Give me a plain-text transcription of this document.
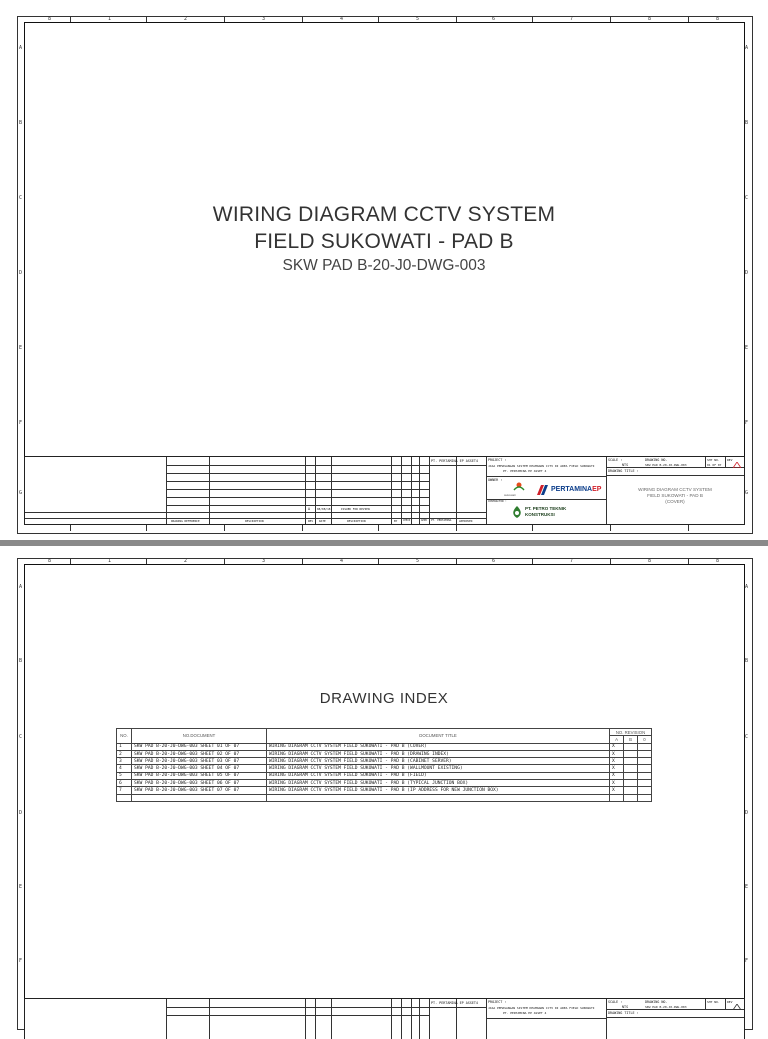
8	1	2	3	4	5	6	7	8	8
A
B
C
D
E
F
G
A
B
C
D
E
F
G
WIRING DIAGRAM CCTV SYSTEM
FIELD SUKOWATI - PAD B
SKW PAD B-20-J0-DWG-003
PT. PERTAMINA EP ASSET4	PROJECT :
JASA PEMASANGAN SISTEM KEAMANAN CCTV DI AREA FIELD SUKOWATI
PT. PERTAMINA EP ASSET 4
OWNER :
CONTRACTOR :
sukowati
PERTAMINAEP
PT. PETRO TEKNIK
KONSTRUKSI
SCALE :
NTS
DRAWING NO.
SKW PAD B-20-J0-DWG-003
SHT NO.
01 OF 07
REV
DRAWING TITLE :
WIRING DIAGRAM CCTV SYSTEM
FIELD SUKOWATI - PAD B
(COVER)
A 08/08/18	ISSUED FOR REVIEW
DRAWING REFERENCE	DESCRIPTION	REV DATE	DESCRIPTION	BY CHECK	APPR PT. PERTAMINA	APPROVED
8	1	2	3	4	5	6	7	8	8
A
B
C
D
E
F
A
B
C
D
E
F
DRAWING INDEX
NO.	NO.DOCUMENT	DOCUMENT TITLE	NO. REVISION		
			A	B	0
1	SKW PAD B-20-J0-DWG-003 SHEET 01 OF 07	WIRING DIAGRAM CCTV SYSTEM FIELD SUKOWATI - PAD B (COVER)	X		
2	SKW PAD B-20-J0-DWG-003 SHEET 02 OF 07	WIRING DIAGRAM CCTV SYSTEM FIELD SUKOWATI - PAD B (DRAWING INDEX)	X		
3	SKW PAD B-20-J0-DWG-003 SHEET 03 OF 07	WIRING DIAGRAM CCTV SYSTEM FIELD SUKOWATI - PAD B (CABINET SERVER)	X		
4	SKW PAD B-20-J0-DWG-003 SHEET 04 OF 07	WIRING DIAGRAM CCTV SYSTEM FIELD SUKOWATI - PAD B (WALLMOUNT EXISTING)	X		
5	SKW PAD B-20-J0-DWG-003 SHEET 05 OF 07	WIRING DIAGRAM CCTV SYSTEM FIELD SUKOWATI - PAD B (FIELD)	X		
6	SKW PAD B-20-J0-DWG-003 SHEET 06 OF 07	WIRING DIAGRAM CCTV SYSTEM FIELD SUKOWATI - PAD B (TYPICAL JUNCTION BOX)	X		
7	SKW PAD B-20-J0-DWG-003 SHEET 07 OF 07	WIRING DIAGRAM CCTV SYSTEM FIELD SUKOWATI - PAD B (IP ADDRESS FOR NEW JUNCTION BOX)	X		

PT. PERTAMINA EP ASSET4	PROJECT :
JASA PEMASANGAN SISTEM KEAMANAN CCTV DI AREA FIELD SUKOWATI
PT. PERTAMINA EP ASSET 4
SCALE :
NTS
DRAWING NO.
SKW PAD B-20-J0-DWG-003
SHT NO. REV
DRAWING TITLE :
